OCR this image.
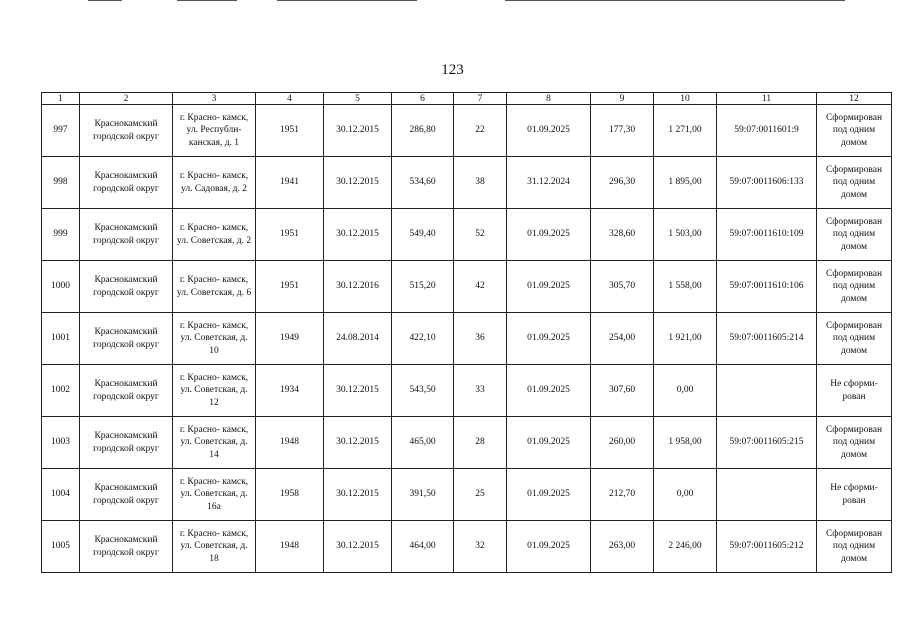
123
1	2	3	4	5	6	7	8	9	10	11	12
997	Краснокамский городской округ	г. Красно- камск, ул. Республи- канская, д. 1	1951	30.12.2015	286,80	22	01.09.2025	177,30	1 271,00	59:07:0011601:9	Сформирован под одним домом
998	Краснокамский городской округ	г. Красно- камск, ул. Садовая, д. 2	1941	30.12.2015	534,60	38	31.12.2024	296,30	1 895,00	59:07:0011606:133	Сформирован под одним домом
999	Краснокамский городской округ	г. Красно- камск, ул. Советская, д. 2	1951	30.12.2015	549,40	52	01.09.2025	328,60	1 503,00	59:07:0011610:109	Сформирован под одним домом
1000	Краснокамский городской округ	г. Красно- камск, ул. Советская, д. 6	1951	30.12.2016	515,20	42	01.09.2025	305,70	1 558,00	59:07:0011610:106	Сформирован под одним домом
1001	Краснокамский городской округ	г. Красно- камск, ул. Советская, д. 10	1949	24.08.2014	422,10	36	01.09.2025	254,00	1 921,00	59:07:0011605:214	Сформирован под одним домом
1002	Краснокамский городской округ	г. Красно- камск, ул. Советская, д. 12	1934	30.12.2015	543,50	33	01.09.2025	307,60	0,00		Не сформи- рован
1003	Краснокамский городской округ	г. Красно- камск, ул. Советская, д. 14	1948	30.12.2015	465,00	28	01.09.2025	260,00	1 958,00	59:07:0011605:215	Сформирован под одним домом
1004	Краснокамский городской округ	г. Красно- камск, ул. Советская, д. 16а	1958	30.12.2015	391,50	25	01.09.2025	212,70	0,00		Не сформи- рован
1005	Краснокамский городской округ	г. Красно- камск, ул. Советская, д. 18	1948	30.12.2015	464,00	32	01.09.2025	263,00	2 246,00	59:07:0011605:212	Сформирован под одним домом
